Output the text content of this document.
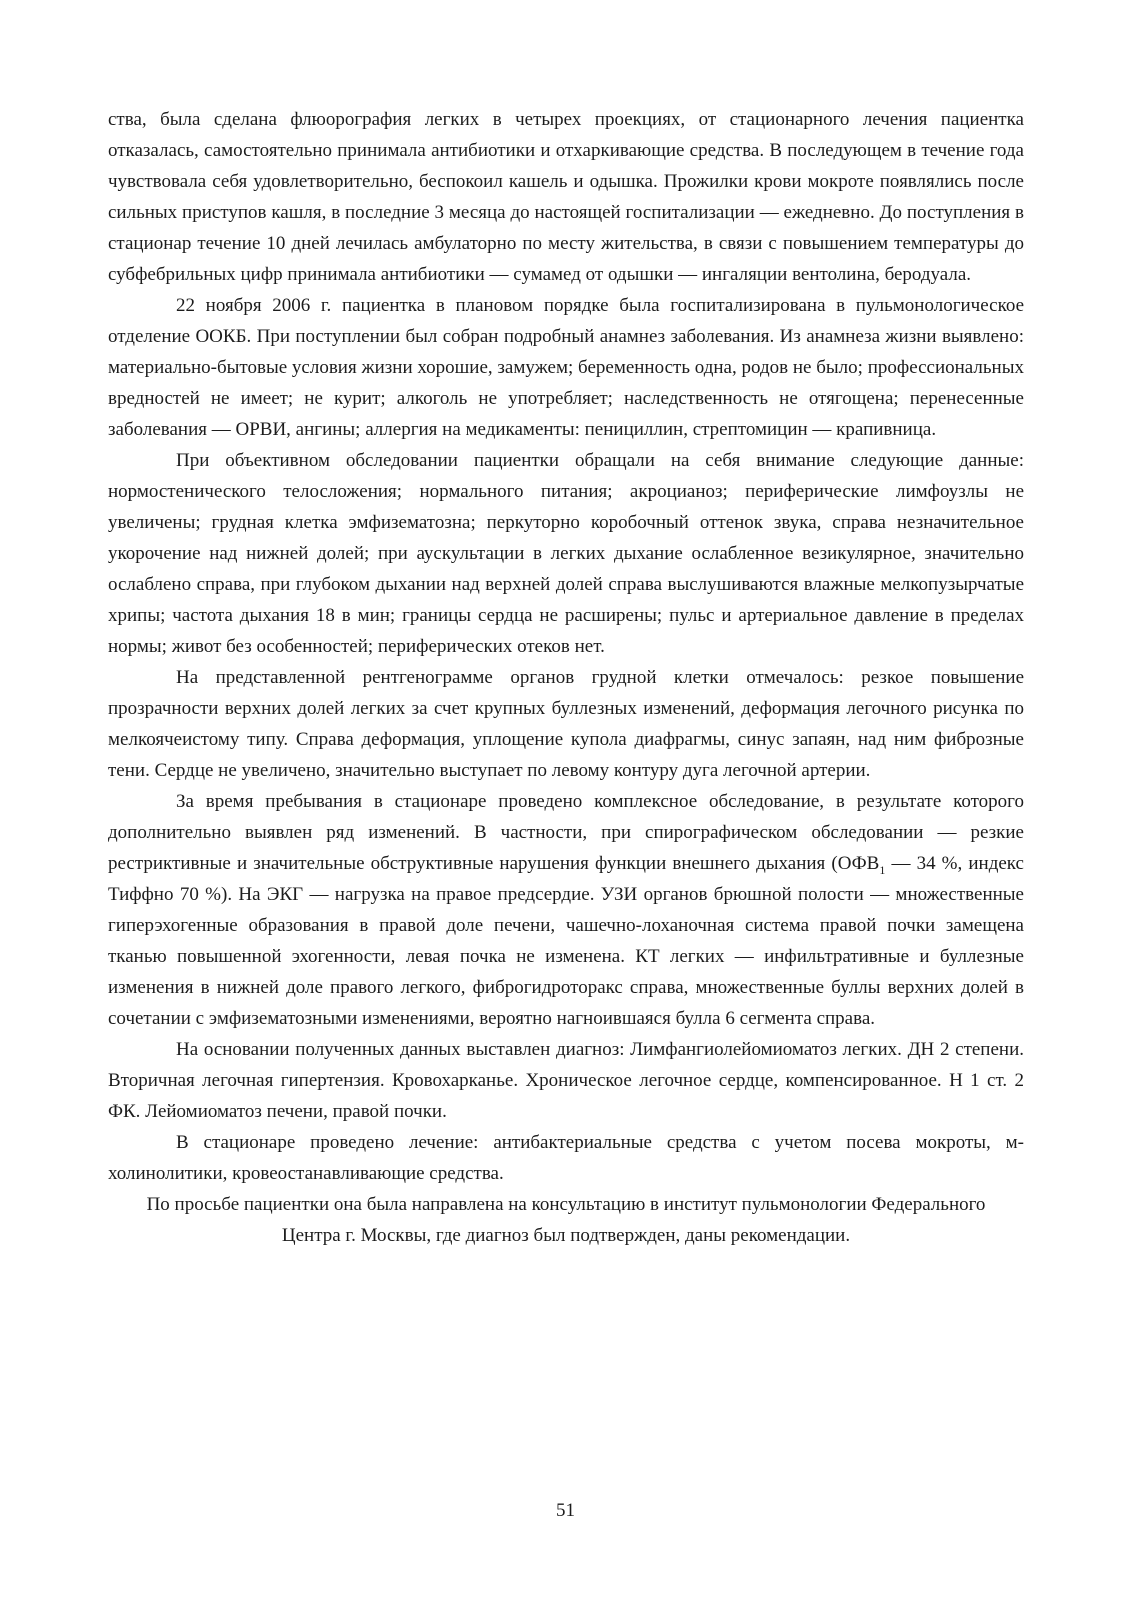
ства, была сделана флюорография легких в четырех проекциях, от стационарного лечения пациентка отказалась, самостоятельно принимала антибиотики и отхаркивающие средства. В последующем в течение года чувствовала себя удовлетворительно, беспокоил кашель и одышка. Прожилки крови мокроте появлялись после сильных приступов кашля, в последние 3 месяца до настоящей госпитализации — ежедневно. До поступления в стационар течение 10 дней лечилась амбулаторно по месту жительства, в связи с повышением температуры до субфебрильных цифр принимала антибиотики — сумамед от одышки — ингаляции вентолина, беродуала.

22 ноября 2006 г. пациентка в плановом порядке была госпитализирована в пульмонологическое отделение ООКБ. При поступлении был собран подробный анамнез заболевания. Из анамнеза жизни выявлено: материально-бытовые условия жизни хорошие, замужем; беременность одна, родов не было; профессиональных вредностей не имеет; не курит; алкоголь не употребляет; наследственность не отягощена; перенесенные заболевания — ОРВИ, ангины; аллергия на медикаменты: пенициллин, стрептомицин — крапивница.

При объективном обследовании пациентки обращали на себя внимание следующие данные: нормостенического телосложения; нормального питания; акроцианоз; периферические лимфоузлы не увеличены; грудная клетка эмфизематозна; перкуторно коробочный оттенок звука, справа незначительное укорочение над нижней долей; при аускультации в легких дыхание ослабленное везикулярное, значительно ослаблено справа, при глубоком дыхании над верхней долей справа выслушиваются влажные мелкопузырчатые хрипы; частота дыхания 18 в мин; границы сердца не расширены; пульс и артериальное давление в пределах нормы; живот без особенностей; периферических отеков нет.

На представленной рентгенограмме органов грудной клетки отмечалось: резкое повышение прозрачности верхних долей легких за счет крупных буллезных изменений, деформация легочного рисунка по мелкоячеистому типу. Справа деформация, уплощение купола диафрагмы, синус запаян, над ним фиброзные тени. Сердце не увеличено, значительно выступает по левому контуру дуга легочной артерии.

За время пребывания в стационаре проведено комплексное обследование, в результате которого дополнительно выявлен ряд изменений. В частности, при спирографическом обследовании — резкие рестриктивные и значительные обструктивные нарушения функции внешнего дыхания ($ОФВ_1$ — 34 %, индекс Тиффно 70 %). На ЭКГ — нагрузка на правое предсердие. УЗИ органов брюшной полости — множественные гиперэхогенные образования в правой доле печени, чашечно-лоханочная система правой почки замещена тканью повышенной эхогенности, левая почка не изменена. КТ легких — инфильтративные и буллезные изменения в нижней доле правого легкого, фиброгидроторакс справа, множественные буллы верхних долей в сочетании с эмфизематозными изменениями, вероятно нагноившаяся булла 6 сегмента справа.

На основании полученных данных выставлен диагноз: Лимфангиолейомиоматоз легких. ДН 2 степени. Вторичная легочная гипертензия. Кровохарканье. Хроническое легочное сердце, компенсированное. Н 1 ст. 2 ФК. Лейомиоматоз печени, правой почки.

В стационаре проведено лечение: антибактериальные средства с учетом посева мокроты, м-холинолитики, кровеостанавливающие средства.

По просьбе пациентки она была направлена на консультацию в институт пульмонологии Федерального Центра г. Москвы, где диагноз был подтвержден, даны рекомендации.

51
